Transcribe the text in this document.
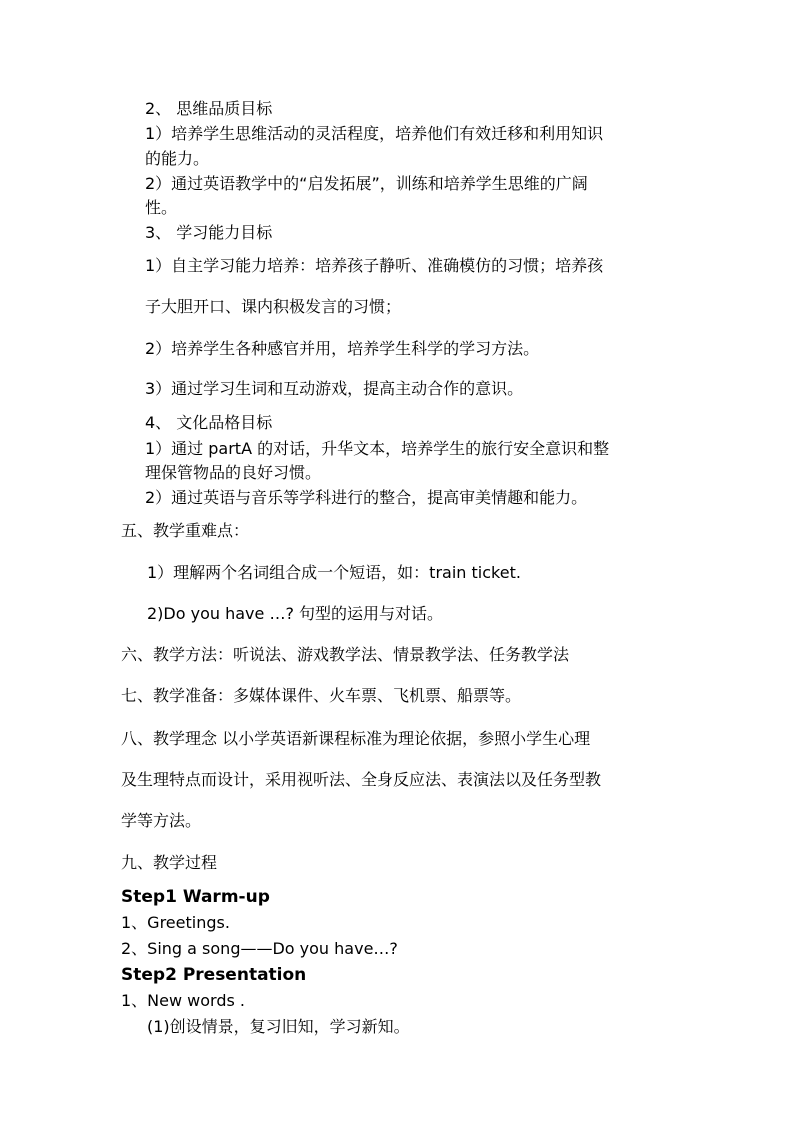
2、 思维品质目标
1）培养学生思维活动的灵活程度，培养他们有效迁移和利用知识
的能力。
2）通过英语教学中的“启发拓展”，训练和培养学生思维的广阔
性。
3、 学习能力目标
1）自主学习能力培养：培养孩子静听、准确模仿的习惯；培养孩
子大胆开口、课内积极发言的习惯；
2）培养学生各种感官并用，培养学生科学的学习方法。
3）通过学习生词和互动游戏，提高主动合作的意识。
4、 文化品格目标
1）通过 partA 的对话，升华文本，培养学生的旅行安全意识和整
理保管物品的良好习惯。
2）通过英语与音乐等学科进行的整合，提高审美情趣和能力。
五、教学重难点：
1）理解两个名词组合成一个短语，如：train ticket.
2)Do you have …? 句型的运用与对话。
六、教学方法：听说法、游戏教学法、情景教学法、任务教学法
七、教学准备：多媒体课件、火车票、飞机票、船票等。
八、教学理念 以小学英语新课程标准为理论依据，参照小学生心理
及生理特点而设计，采用视听法、全身反应法、表演法以及任务型教
学等方法。
九、教学过程
Step1 Warm-up
1、Greetings.
2、Sing a song——Do you have…?
Step2 Presentation
1、New words .
(1)创设情景，复习旧知，学习新知。
